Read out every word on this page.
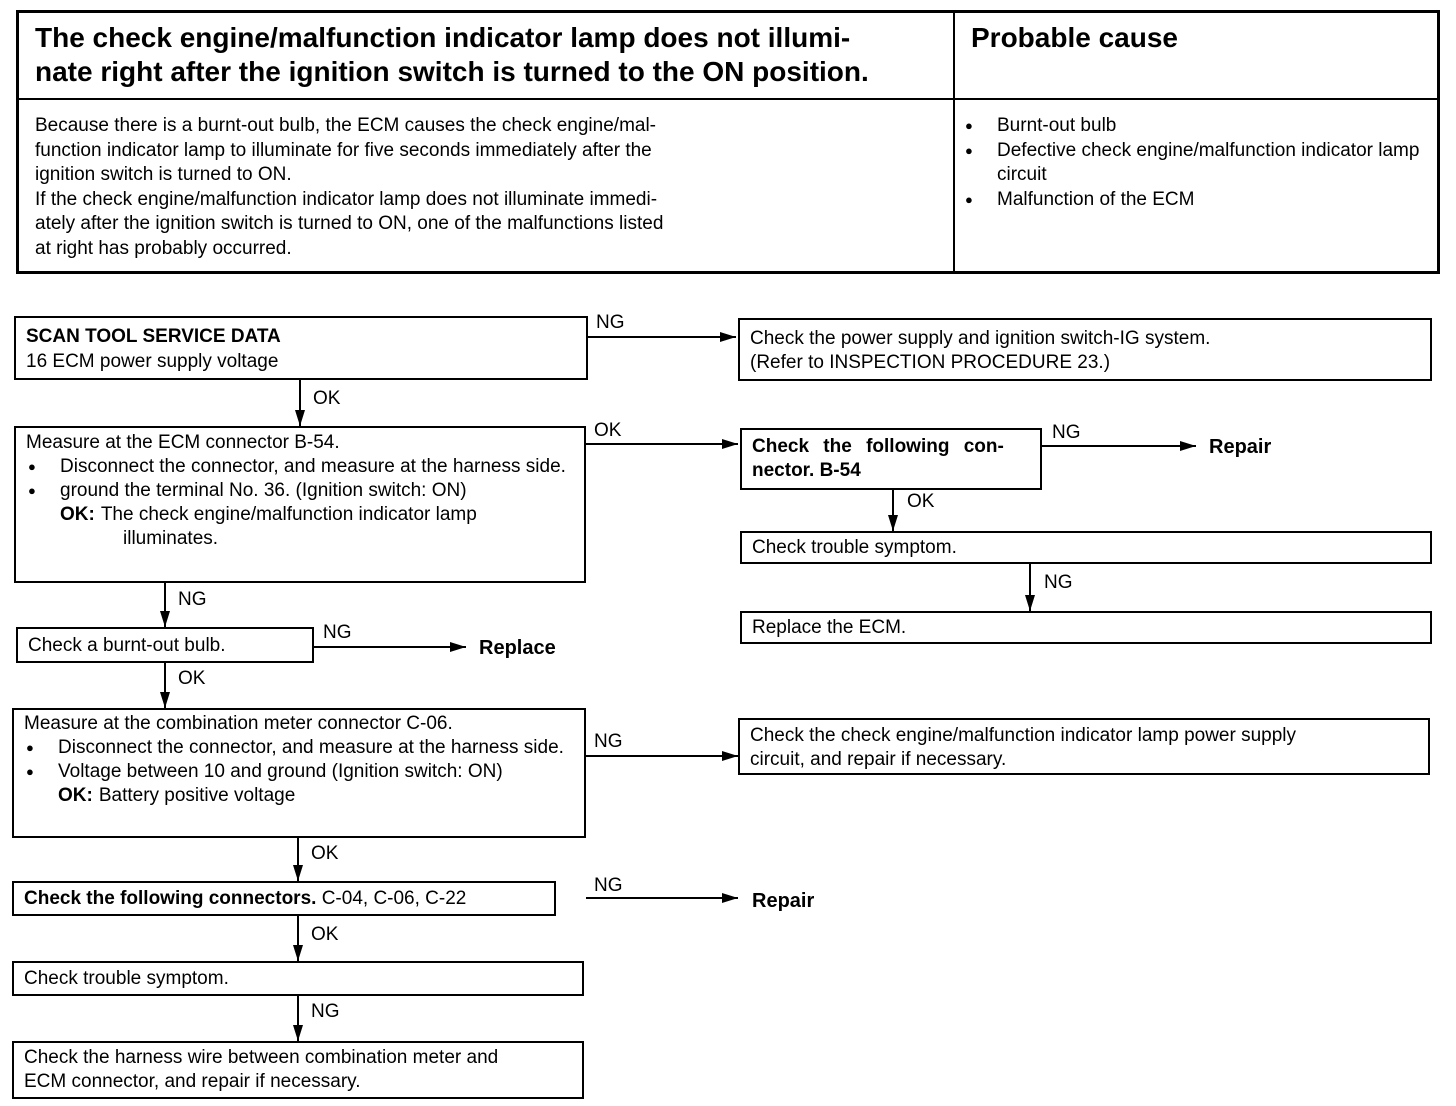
The check engine/malfunction indicator lamp does not illumi-
nate right after the ignition switch is turned to the ON position.
Probable cause
Because there is a burnt-out bulb, the ECM causes the check engine/mal-
function indicator lamp to illuminate for five seconds immediately after the
ignition switch is turned to ON.
If the check engine/malfunction indicator lamp does not illuminate immedi-
ately after the ignition switch is turned to ON, one of the malfunctions listed
at right has probably occurred.
● Burnt-out bulb
● Defective check engine/malfunction indicator lamp circuit
● Malfunction of the ECM
NG
OK
OK	NG
OK
NG
NG
NG
OK
NG
OK
NG
OK
NG
Repair
Replace
Repair
SCAN TOOL SERVICE DATA
16 ECM power supply voltage
Check the power supply and ignition switch-IG system.
(Refer to INSPECTION PROCEDURE 23.)
Measure at the ECM connector B-54.
● Disconnect the connector, and measure at the harness side.
● ground the terminal No. 36. (Ignition switch: ON)
OK: The check engine/malfunction indicator lamp
illuminates.
Check the following con-
nector. B-54
Check trouble symptom.
Replace the ECM.
Check a burnt-out bulb.
Measure at the combination meter connector C-06.
● Disconnect the connector, and measure at the harness side.
● Voltage between 10 and ground (Ignition switch: ON)
OK: Battery positive voltage
Check the check engine/malfunction indicator lamp power supply
circuit, and repair if necessary.
Check the following connectors. C-04, C-06, C-22
Check trouble symptom.
Check the harness wire between combination meter and
ECM connector, and repair if necessary.
